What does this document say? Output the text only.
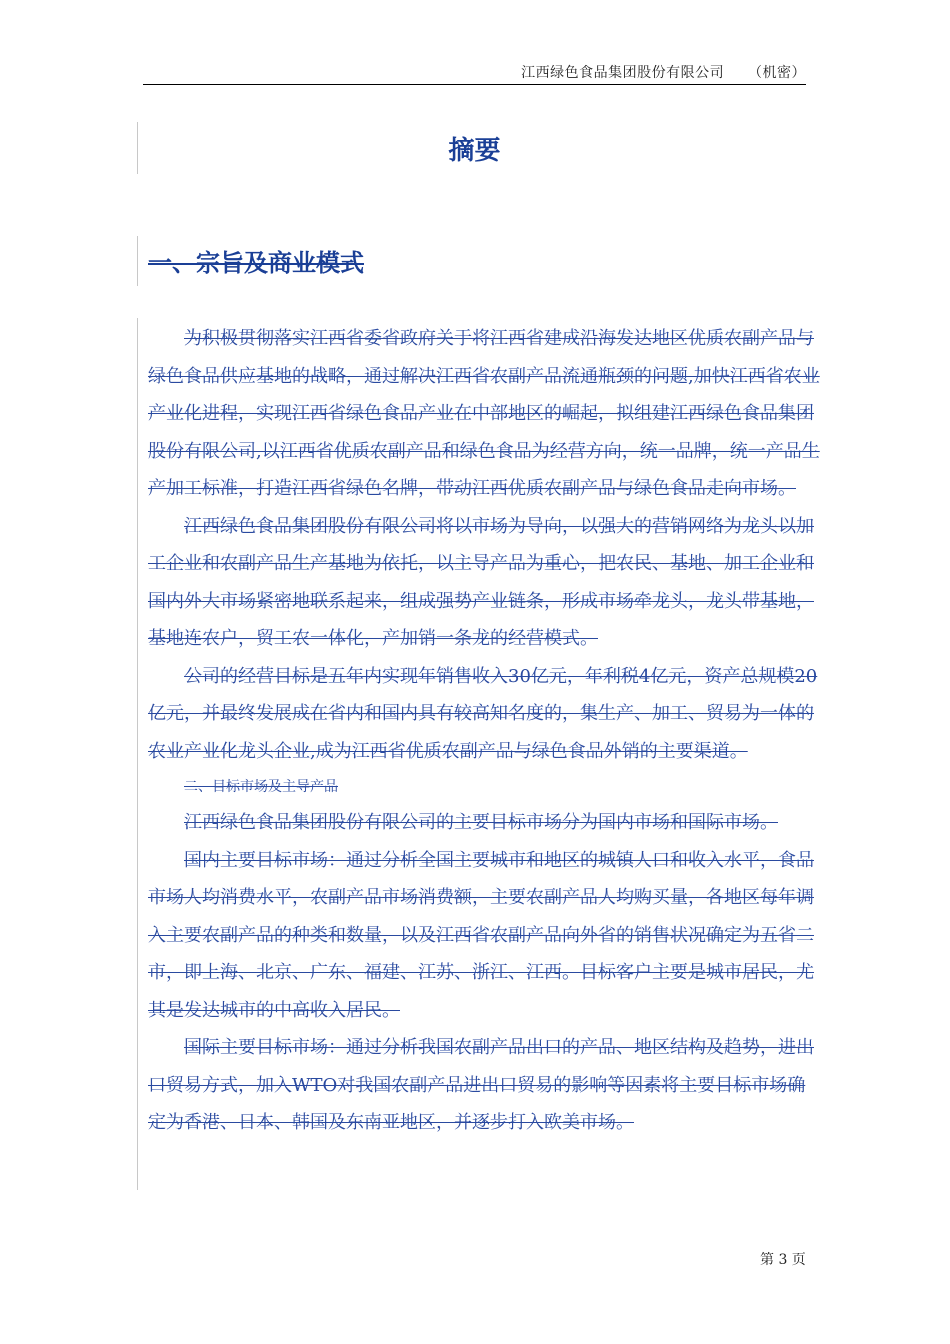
江西绿色食品集团股份有限公司 （机密）
摘要
一、宗旨及商业模式

为积极贯彻落实江西省委省政府关于将江西省建成沿海发达地区优质农副产品与绿色食品供应基地的战略，通过解决江西省农副产品流通瓶颈的问题,加快江西省农业产业化进程，实现江西省绿色食品产业在中部地区的崛起，拟组建江西绿色食品集团股份有限公司,以江西省优质农副产品和绿色食品为经营方向，统一品牌，统一产品生产加工标准，打造江西省绿色名牌，带动江西优质农副产品与绿色食品走向市场。

江西绿色食品集团股份有限公司将以市场为导向，以强大的营销网络为龙头以加工企业和农副产品生产基地为依托，以主导产品为重心，把农民、基地、加工企业和国内外大市场紧密地联系起来，组成强势产业链条，形成市场牵龙头，龙头带基地，基地连农户，贸工农一体化，产加销一条龙的经营模式。

公司的经营目标是五年内实现年销售收入30亿元，年利税4亿元，资产总规模20亿元，并最终发展成在省内和国内具有较高知名度的，集生产、加工、贸易为一体的农业产业化龙头企业,成为江西省优质农副产品与绿色食品外销的主要渠道。

二、目标市场及主导产品

江西绿色食品集团股份有限公司的主要目标市场分为国内市场和国际市场。

国内主要目标市场：通过分析全国主要城市和地区的城镇人口和收入水平，食品市场人均消费水平，农副产品市场消费额，主要农副产品人均购买量，各地区每年调入主要农副产品的种类和数量，以及江西省农副产品向外省的销售状况确定为五省二市，即上海、北京、广东、福建、江苏、浙江、江西。目标客户主要是城市居民，尤其是发达城市的中高收入居民。

国际主要目标市场：通过分析我国农副产品出口的产品、地区结构及趋势，进出口贸易方式，加入WTO对我国农副产品进出口贸易的影响等因素将主要目标市场确定为香港、日本、韩国及东南亚地区，并逐步打入欧美市场。

第 3 页
